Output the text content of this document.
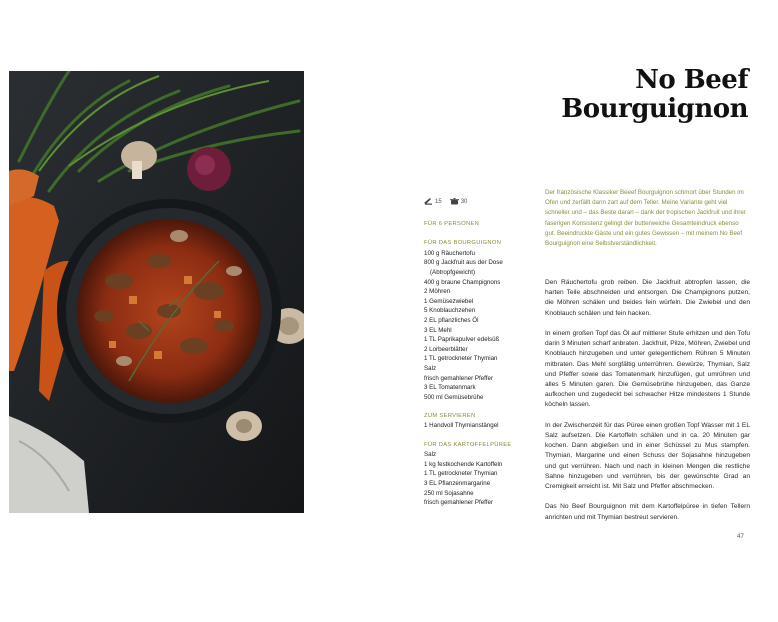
No Beef
Bourguignon
15	30
FÜR 6 PERSONEN
FÜR DAS BOURGUIGNON
100 g Räuchertofu
800 g Jackfruit aus der Dose
(Abtropfgewicht)
400 g braune Champignons
2 Möhren
1 Gemüsezwiebel
5 Knoblauchzehen
2 EL pflanzliches Öl
3 EL Mehl
1 TL Paprikapulver edelsüß
2 Lorbeerblätter
1 TL getrockneter Thymian
Salz
frisch gemahlener Pfeffer
3 EL Tomatenmark
500 ml Gemüsebrühe
ZUM SERVIEREN
1 Handvoll Thymianstängel
FÜR DAS KARTOFFELPÜREE
Salz
1 kg festkochende Kartoffeln
1 TL getrockneter Thymian
3 EL Pflanzenmargarine
250 ml Sojasahne
frisch gemahlener Pfeffer
Der französische Klassiker Beeef Bourguignon schmort über Stunden im Ofen und zerfällt dann zart auf dem Teller. Meine Variante geht viel schneller und – das Beste daran – dank der tropischen Jackfruit und ihrer faserigen Konsistenz gelingt der butterweiche Gesamteindruck ebenso gut. Beeindruckte Gäste und ein gutes Gewissen – mit meinem No Beef Bourguignon eine Selbstverständlichkeit.

Den Räuchertofu grob reiben. Die Jackfruit abtropfen lassen, die harten Teile abschneiden und entsorgen. Die Champignons putzen, die Möhren schälen und beides fein würfeln. Die Zwiebel und den Knoblauch schälen und fein hacken.

In einem großen Topf das Öl auf mittlerer Stufe erhitzen und den Tofu darin 3 Minuten scharf anbraten. Jackfruit, Pilze, Möhren, Zwiebel und Knoblauch hinzugeben und unter gelegentlichem Rühren 5 Minuten mitbraten. Das Mehl sorgfältig unterrühren. Gewürze, Thymian, Salz und Pfeffer sowie das Tomatenmark hinzufügen, gut umrühren und alles 5 Minuten garen. Die Gemüsebrühe hinzugeben, das Ganze aufkochen und zugedeckt bei schwacher Hitze mindestens 1 Stunde köcheln lassen.

In der Zwischenzeit für das Püree einen großen Topf Wasser mit 1 EL Salz aufsetzen. Die Kartoffeln schälen und in ca. 20 Minuten gar kochen. Dann abgießen und in einer Schüssel zu Mus stampfen. Thymian, Margarine und einen Schuss der Sojasahne hinzugeben und gut verrühren. Nach und nach in kleinen Mengen die restliche Sahne hinzugeben und verrühren, bis der gewünschte Grad an Cremigkeit erreicht ist. Mit Salz und Pfeffer abschmecken.

Das No Beef Bourguignon mit dem Kartoffelpüree in tiefen Tellern anrichten und mit Thymian bestreut servieren.

47
